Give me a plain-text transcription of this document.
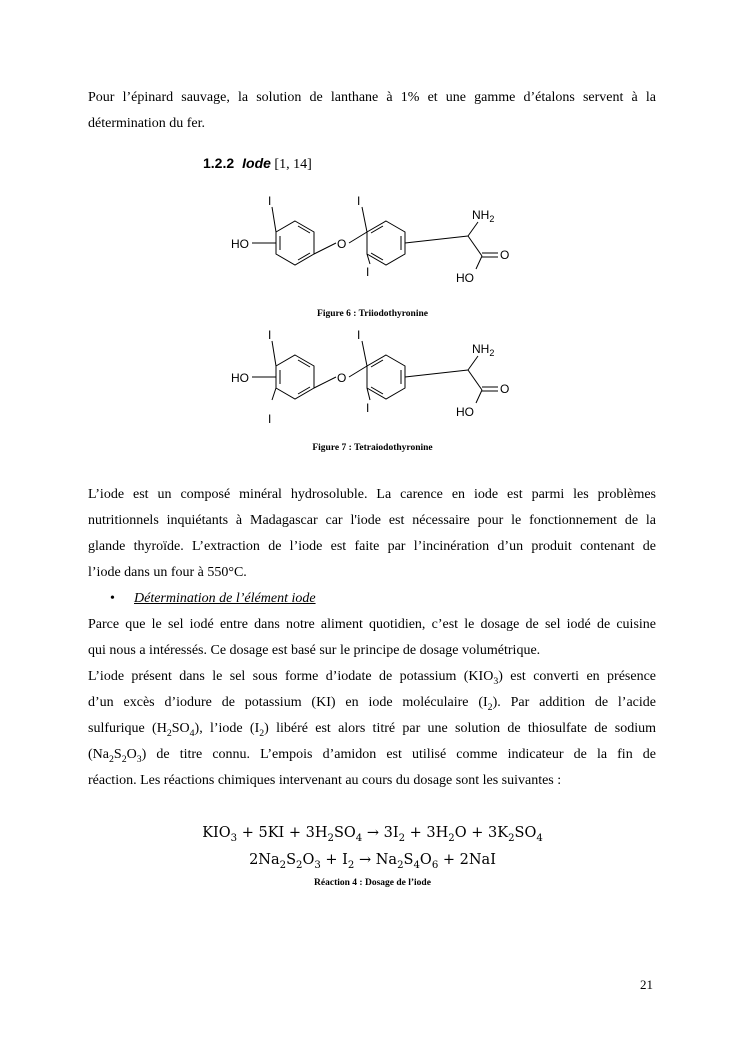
Pour l’épinard sauvage, la solution de lanthane à 1% et une gamme d’étalons servent à la
détermination du fer.
1.2.2 Iode [1, 14]
I	I
I
HO	O
$NH_2$
O
HO
Figure 6 : Triiodothyronine
I	I
I
I
HO	O
$NH_2$
O
HO
Figure 7 : Tetraiodothyronine
L’iode est un composé minéral hydrosoluble. La carence en iode est parmi les problèmes
nutritionnels inquiétants à Madagascar car l'iode est nécessaire pour le fonctionnement de la
glande thyroïde. L’extraction de l’iode est faite par l’incinération d’un produit contenant de
l’iode dans un four à 550°C.
• Détermination de l’élément iode
Parce que le sel iodé entre dans notre aliment quotidien, c’est le dosage de sel iodé de cuisine
qui nous a intéressés. Ce dosage est basé sur le principe de dosage volumétrique.
L’iode présent dans le sel sous forme d’iodate de potassium $(KIO_3)$ est converti en présence
d’un excès d’iodure de potassium (KI) en iode moléculaire $(I_2)$. Par addition de l’acide
sulfurique $(H_2SO_4)$, l’iode $(I_2)$ libéré est alors titré par une solution de thiosulfate de sodium
$(Na_2S_2O_3)$ de titre connu. L’empois d’amidon est utilisé comme indicateur de la fin de
réaction. Les réactions chimiques intervenant au cours du dosage sont les suivantes :
$KIO_3 + 5KI + 3H_2SO_4 \to 3I_2 + 3H_2O + 3K_2SO_4$
$2Na_2S_2O_3 + I_2 \to Na_2S_4O_6 + 2NaI$
Réaction 4 : Dosage de l’iode
21
